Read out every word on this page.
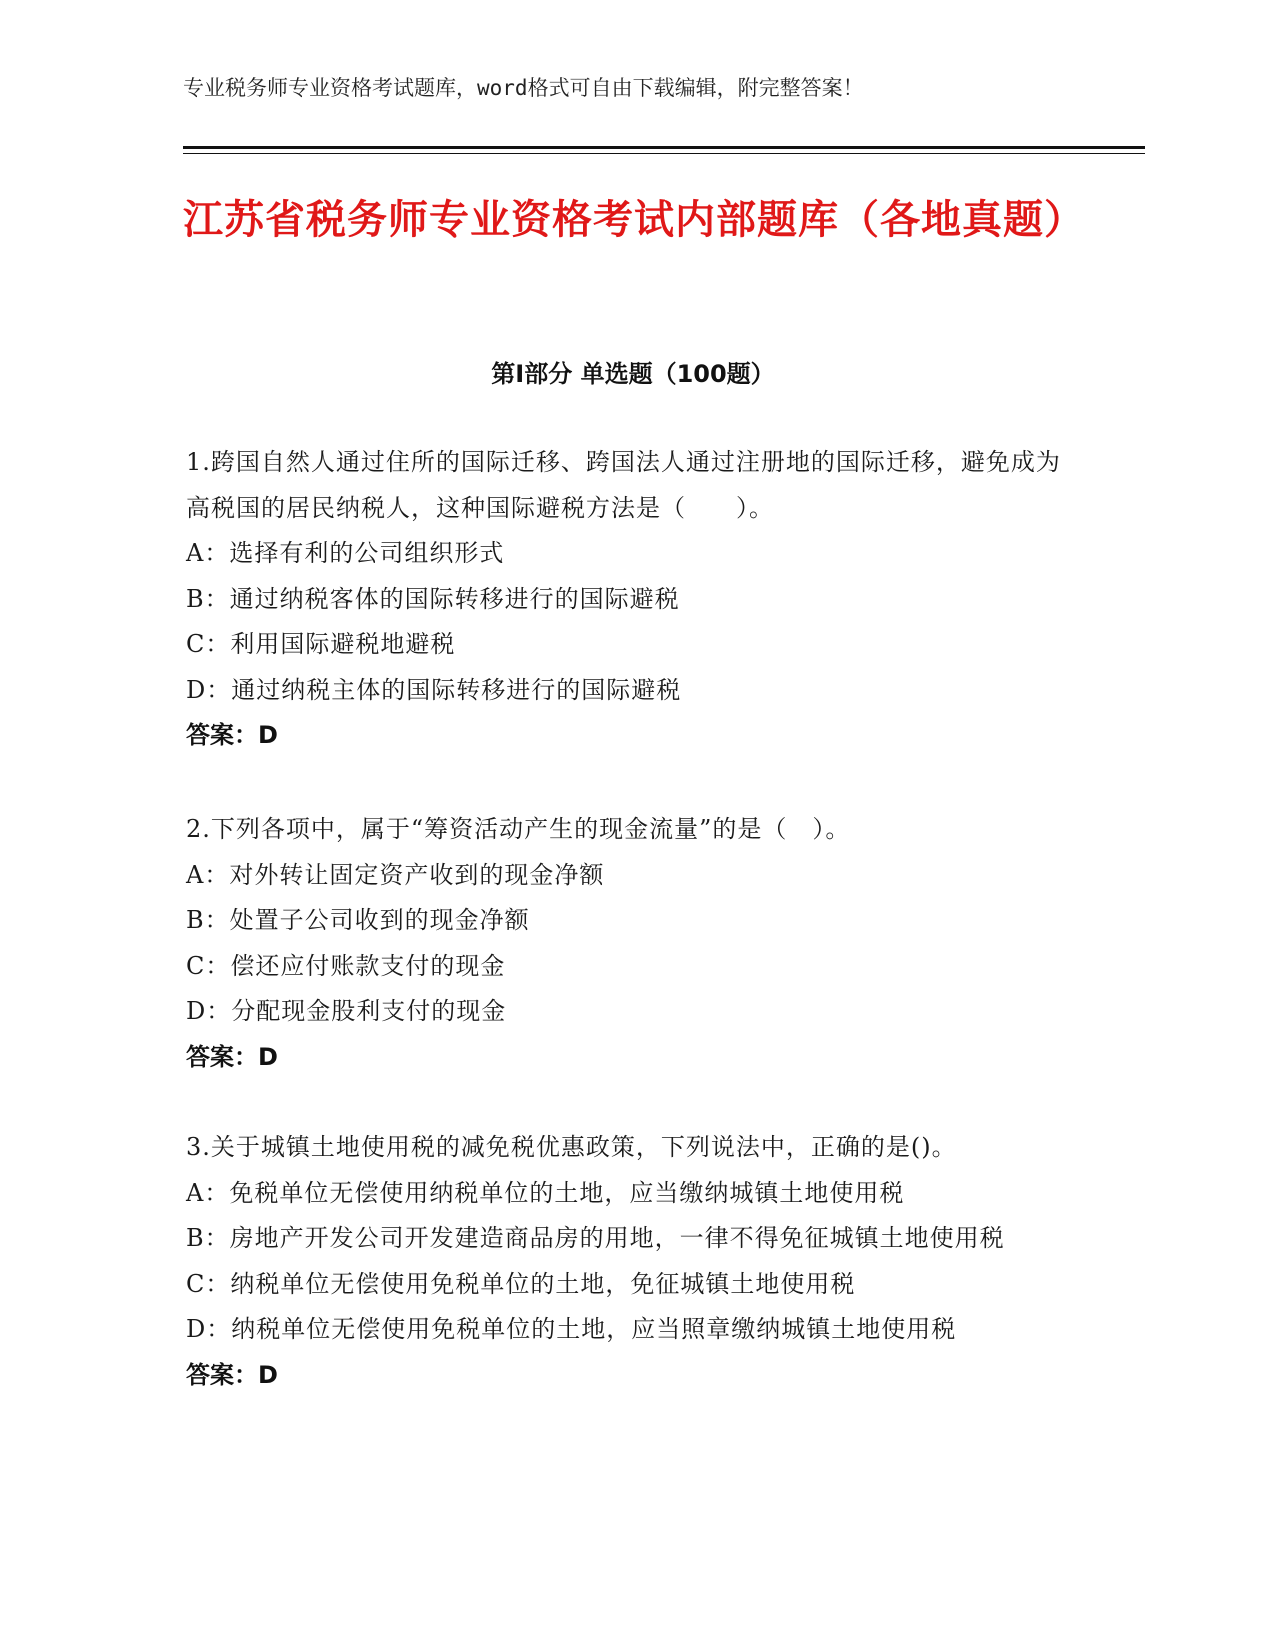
专业税务师专业资格考试题库，word格式可自由下载编辑，附完整答案！
江苏省税务师专业资格考试内部题库（各地真题）
第Ⅰ部分 单选题（100题）
1.跨国自然人通过住所的国际迁移、跨国法人通过注册地的国际迁移，避免成为高税国的居民纳税人，这种国际避税方法是（　　）。
A：选择有利的公司组织形式
B：通过纳税客体的国际转移进行的国际避税
C：利用国际避税地避税
D：通过纳税主体的国际转移进行的国际避税
答案：D
2.下列各项中，属于“筹资活动产生的现金流量”的是（　）。
A：对外转让固定资产收到的现金净额
B：处置子公司收到的现金净额
C：偿还应付账款支付的现金
D：分配现金股利支付的现金
答案：D
3.关于城镇土地使用税的减免税优惠政策，下列说法中，正确的是()。
A：免税单位无偿使用纳税单位的土地，应当缴纳城镇土地使用税
B：房地产开发公司开发建造商品房的用地，一律不得免征城镇土地使用税
C：纳税单位无偿使用免税单位的土地，免征城镇土地使用税
D：纳税单位无偿使用免税单位的土地，应当照章缴纳城镇土地使用税
答案：D
